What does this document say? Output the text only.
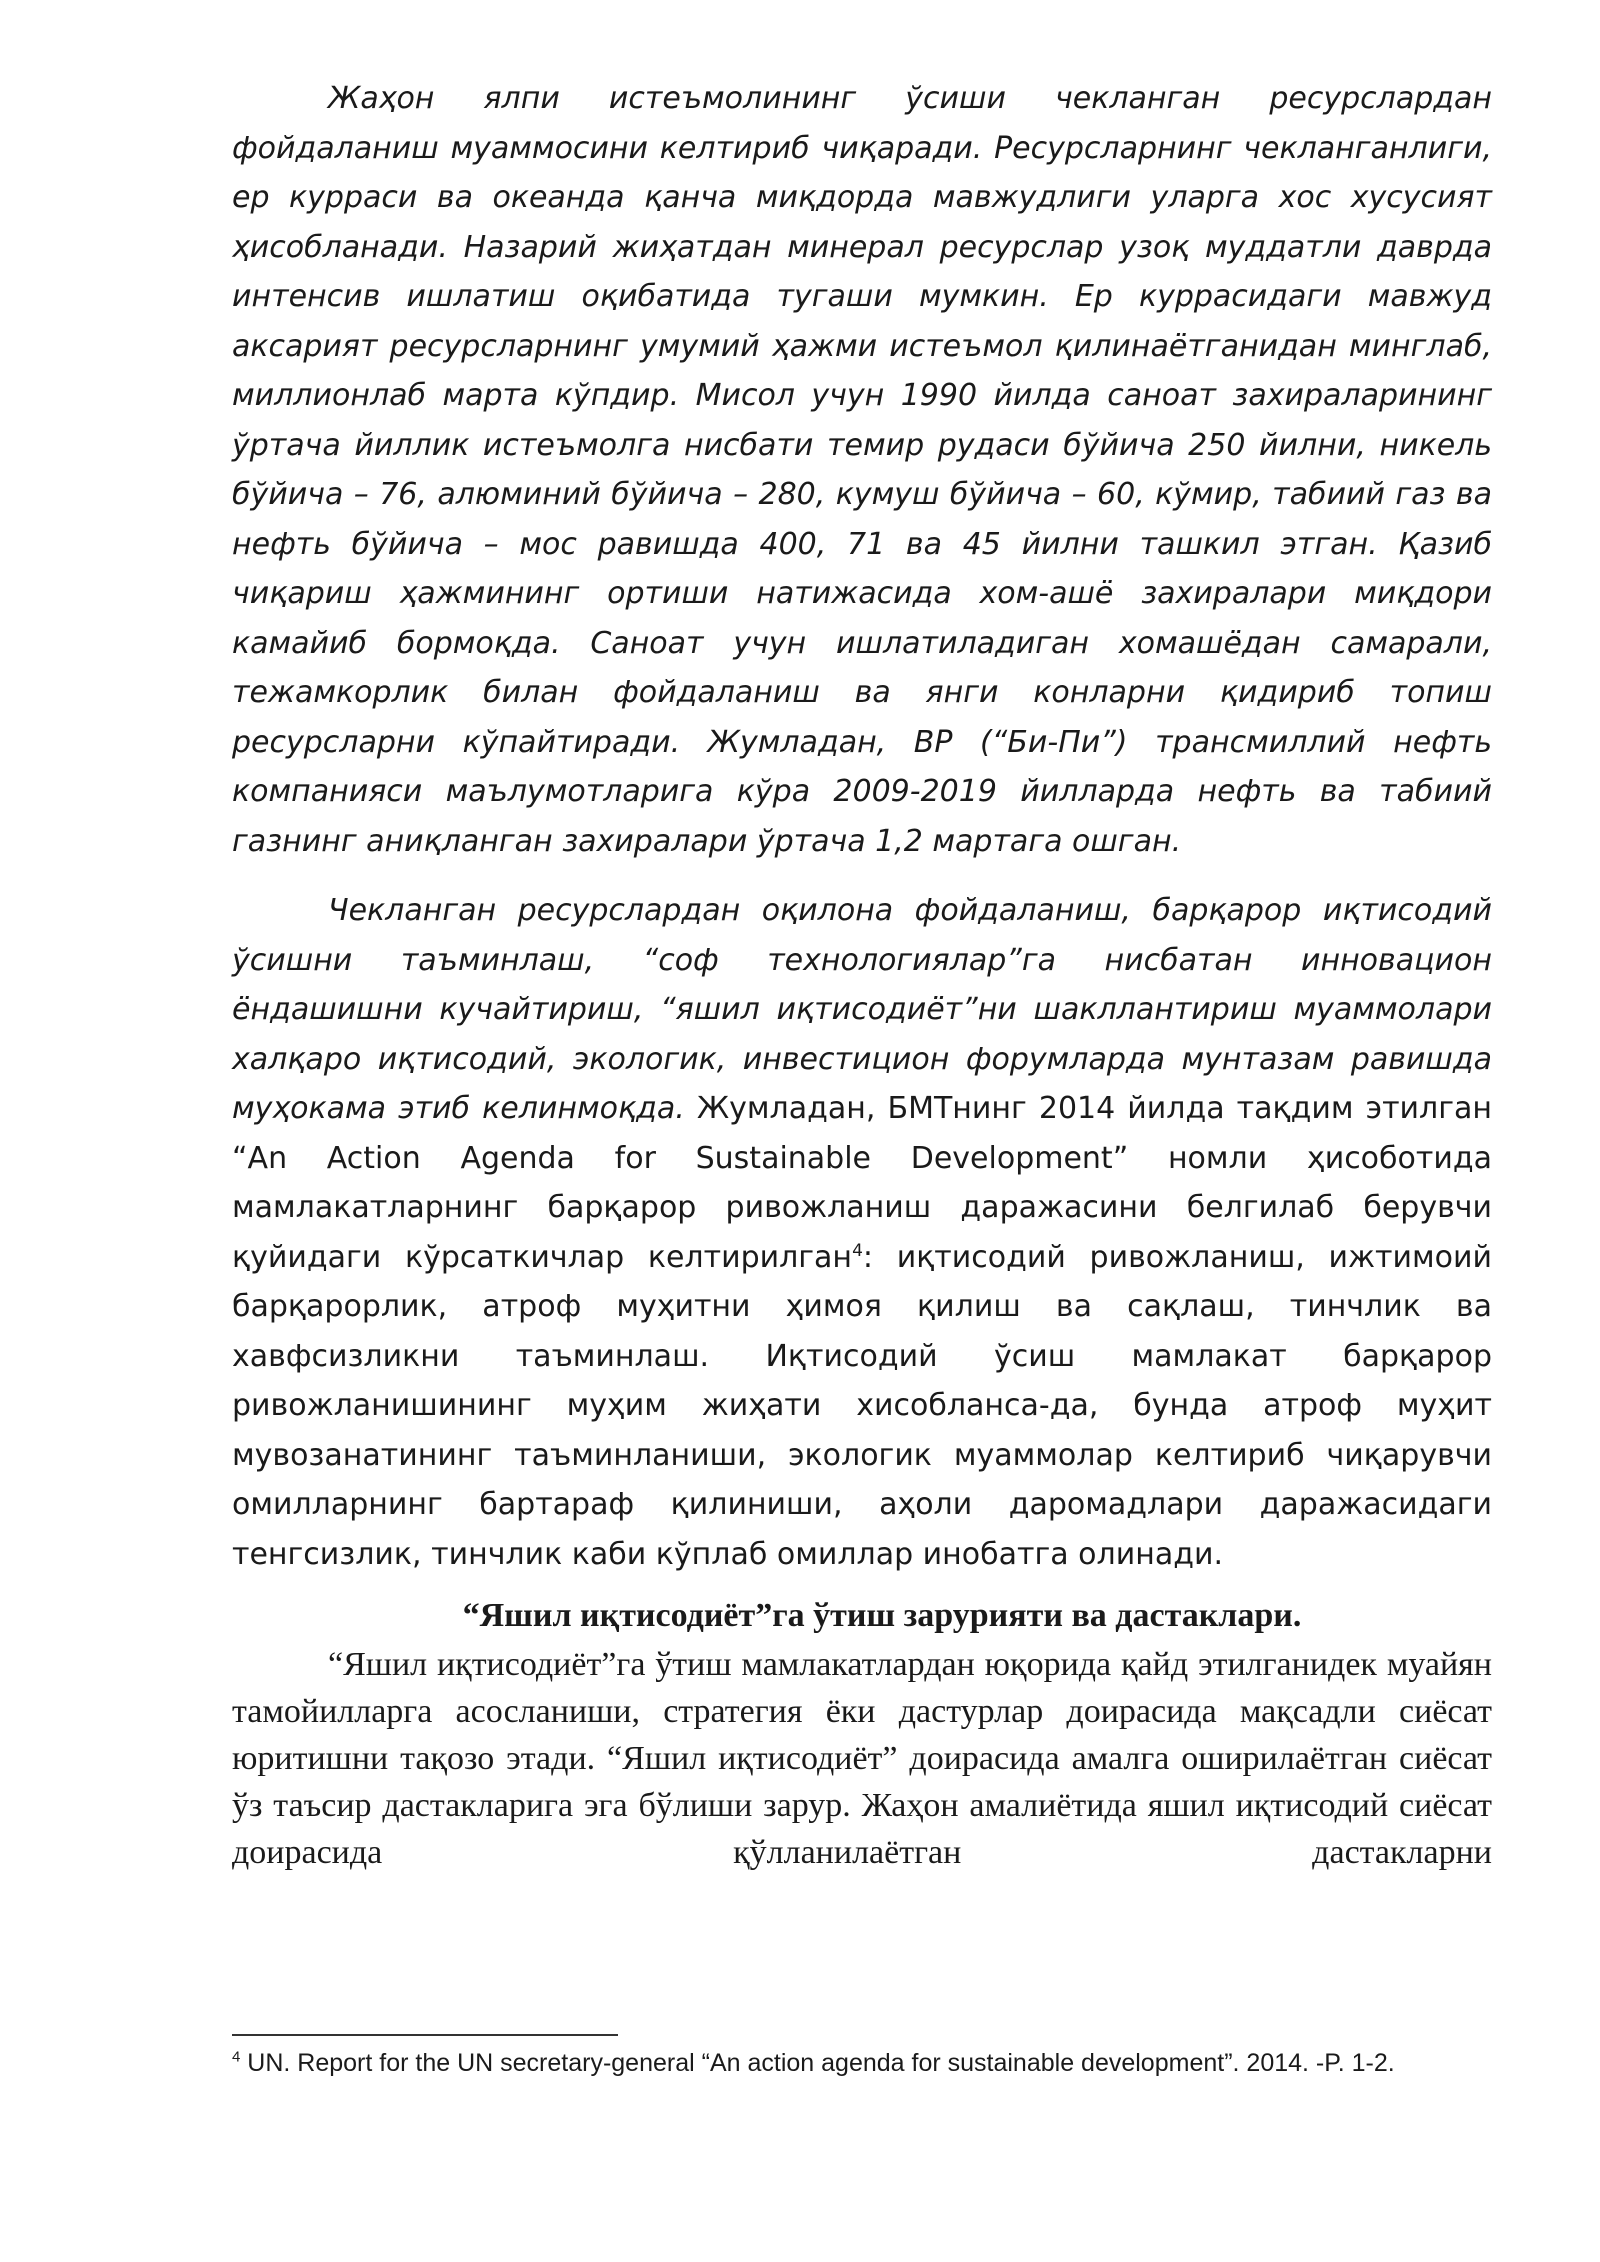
Жаҳон ялпи истеъмолининг ўсиши чекланган ресурслардан фойдаланиш муаммосини келтириб чиқаради. Ресурсларнинг чекланганлиги, ер курраси ва океанда қанча миқдорда мавжудлиги уларга хос хусусият ҳисобланади. Назарий жиҳатдан минерал ресурслар узоқ муддатли даврда интенсив ишлатиш оқибатида тугаши мумкин. Ер куррасидаги мавжуд аксарият ресурсларнинг умумий ҳажми истеъмол қилинаётганидан минглаб, миллионлаб марта кўпдир. Мисол учун 1990 йилда саноат захираларининг ўртача йиллик истеъмолга нисбати темир рудаси бўйича 250 йилни, никель бўйича – 76, алюминий бўйича – 280, кумуш бўйича – 60, кўмир, табиий газ ва нефть бўйича – мос равишда 400, 71 ва 45 йилни ташкил этган. Қазиб чиқариш ҳажмининг ортиши натижасида хом-ашё захиралари миқдори камайиб бормоқда. Саноат учун ишлатиладиган хомашёдан самарали, тежамкорлик билан фойдаланиш ва янги конларни қидириб топиш ресурсларни кўпайтиради. Жумладан, BP (“Би-Пи”) трансмиллий нефть компанияси маълумотларига кўра 2009-2019 йилларда нефть ва табиий газнинг аниқланган захиралари ўртача 1,2 мартага ошган.

Чекланган ресурслардан оқилона фойдаланиш, барқарор иқтисодий ўсишни таъминлаш, “соф технологиялар”га нисбатан инновацион ёндашишни кучайтириш, “яшил иқтисодиёт”ни шакллантириш муаммолари халқаро иқтисодий, экологик, инвестицион форумларда мунтазам равишда муҳокама этиб келинмоқда. Жумладан, БМТнинг 2014 йилда тақдим этилган “An Action Agenda for Sustainable Development” номли ҳисоботида мамлакатларнинг барқарор ривожланиш даражасини белгилаб берувчи қуйидаги кўрсаткичлар келтирилган$^4$: иқтисодий ривожланиш, ижтимоий барқарорлик, атроф муҳитни ҳимоя қилиш ва сақлаш, тинчлик ва хавфсизликни таъминлаш. Иқтисодий ўсиш мамлакат барқарор ривожланишининг муҳим жиҳати хисобланса-да, бунда атроф муҳит мувозанатининг таъминланиши, экологик муаммолар келтириб чиқарувчи омилларнинг бартараф қилиниши, аҳоли даромадлари даражасидаги тенгсизлик, тинчлик каби кўплаб омиллар инобатга олинади.

“Яшил иқтисодиёт”га ўтиш зарурияти ва дастаклари.

“Яшил иқтисодиёт”га ўтиш мамлакатлардан юқорида қайд этилганидек муайян тамойилларга асосланиши, стратегия ёки дастурлар доирасида мақсадли сиёсат юритишни тақозо этади. “Яшил иқтисодиёт” доирасида амалга оширилаётган сиёсат ўз таъсир дастакларига эга бўлиши зарур. Жаҳон амалиётида яшил иқтисодий сиёсат доирасида қўлланилаётган дастакларни

$^4$ UN. Report for the UN secretary-general “An action agenda for sustainable development”. 2014. -P. 1-2.
